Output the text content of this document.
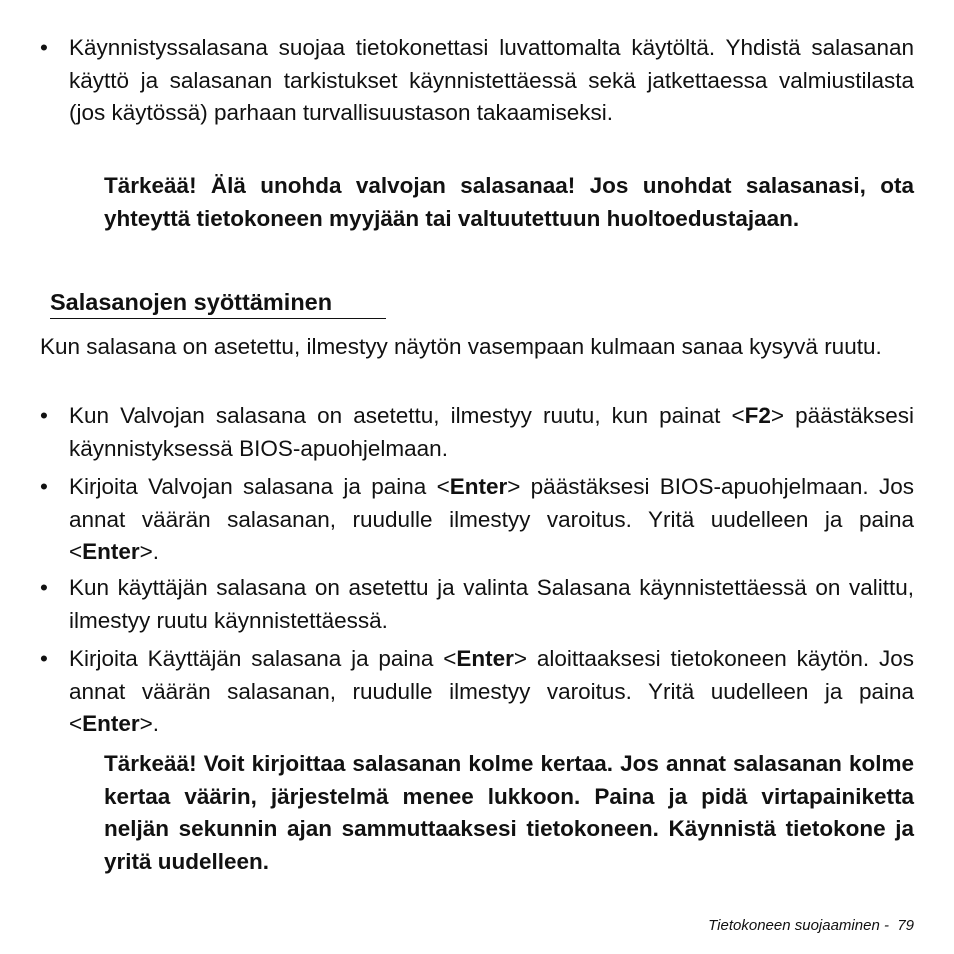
• Käynnistyssalasana suojaa tietokonettasi luvattomalta käytöltä. Yhdistä salasanan käyttö ja salasanan tarkistukset käynnistettäessä sekä jatkettaessa valmiustilasta (jos käytössä) parhaan turvallisuustason takaamiseksi.
Tärkeää! Älä unohda valvojan salasanaa! Jos unohdat salasanasi, ota yhteyttä tietokoneen myyjään tai valtuutettuun huoltoedustajaan.
Salasanojen syöttäminen
Kun salasana on asetettu, ilmestyy näytön vasempaan kulmaan sanaa kysyvä ruutu.
• Kun Valvojan salasana on asetettu, ilmestyy ruutu, kun painat <F2> päästäksesi käynnistyksessä BIOS-apuohjelmaan.
• Kirjoita Valvojan salasana ja paina <Enter> päästäksesi BIOS-apuohjelmaan. Jos annat väärän salasanan, ruudulle ilmestyy varoitus. Yritä uudelleen ja paina <Enter>.
• Kun käyttäjän salasana on asetettu ja valinta Salasana käynnistettäessä on valittu, ilmestyy ruutu käynnistettäessä.
• Kirjoita Käyttäjän salasana ja paina <Enter> aloittaaksesi tietokoneen käytön. Jos annat väärän salasanan, ruudulle ilmestyy varoitus. Yritä uudelleen ja paina <Enter>.
Tärkeää! Voit kirjoittaa salasanan kolme kertaa. Jos annat salasanan kolme kertaa väärin, järjestelmä menee lukkoon. Paina ja pidä virtapainiketta neljän sekunnin ajan sammuttaaksesi tietokoneen. Käynnistä tietokone ja yritä uudelleen.
Tietokoneen suojaaminen - 79
